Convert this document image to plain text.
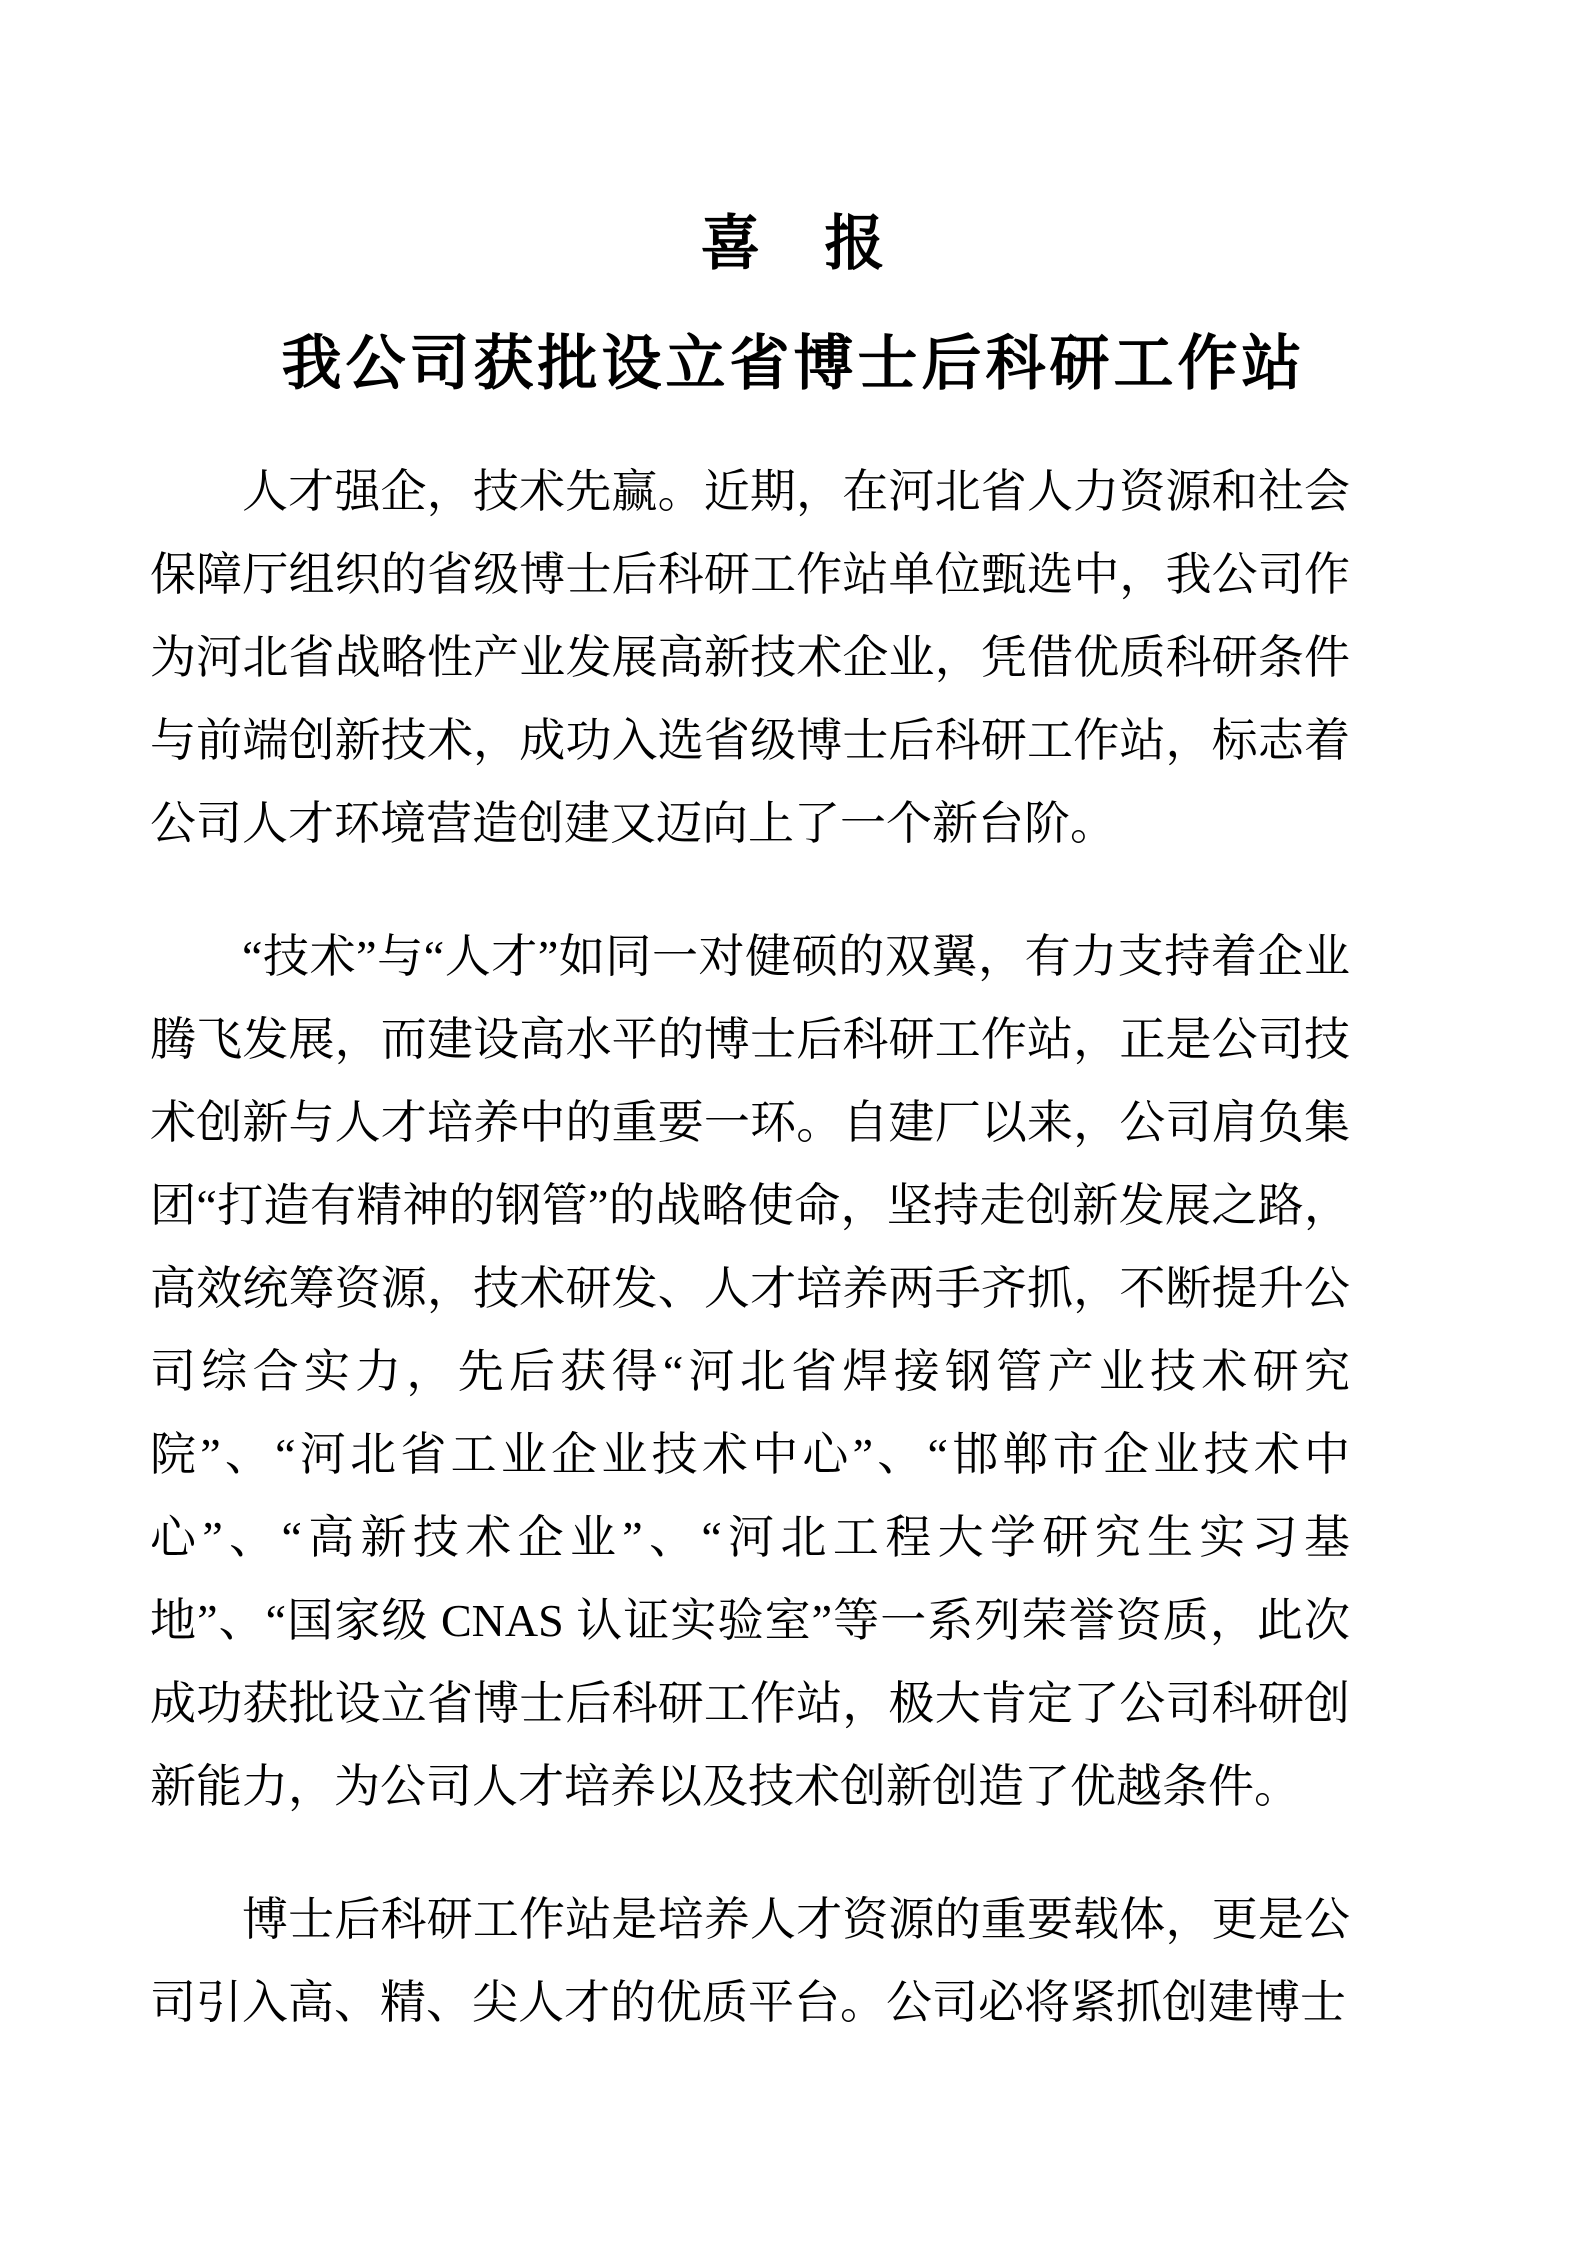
喜　报
我公司获批设立省博士后科研工作站

人才强企，技术先赢。近期，在河北省人力资源和社会保障厅组织的省级博士后科研工作站单位甄选中，我公司作为河北省战略性产业发展高新技术企业，凭借优质科研条件与前端创新技术，成功入选省级博士后科研工作站，标志着公司人才环境营造创建又迈向上了一个新台阶。

“技术”与“人才”如同一对健硕的双翼，有力支持着企业腾飞发展，而建设高水平的博士后科研工作站，正是公司技术创新与人才培养中的重要一环。自建厂以来，公司肩负集团“打造有精神的钢管”的战略使命，坚持走创新发展之路，高效统筹资源，技术研发、人才培养两手齐抓，不断提升公司综合实力，先后获得“河北省焊接钢管产业技术研究院”、“河北省工业企业技术中心”、“邯郸市企业技术中心”、“高新技术企业”、“河北工程大学研究生实习基地”、“国家级 CNAS 认证实验室”等一系列荣誉资质，此次成功获批设立省博士后科研工作站，极大肯定了公司科研创新能力，为公司人才培养以及技术创新创造了优越条件。

博士后科研工作站是培养人才资源的重要载体，更是公司引入高、精、尖人才的优质平台。公司必将紧抓创建博士
